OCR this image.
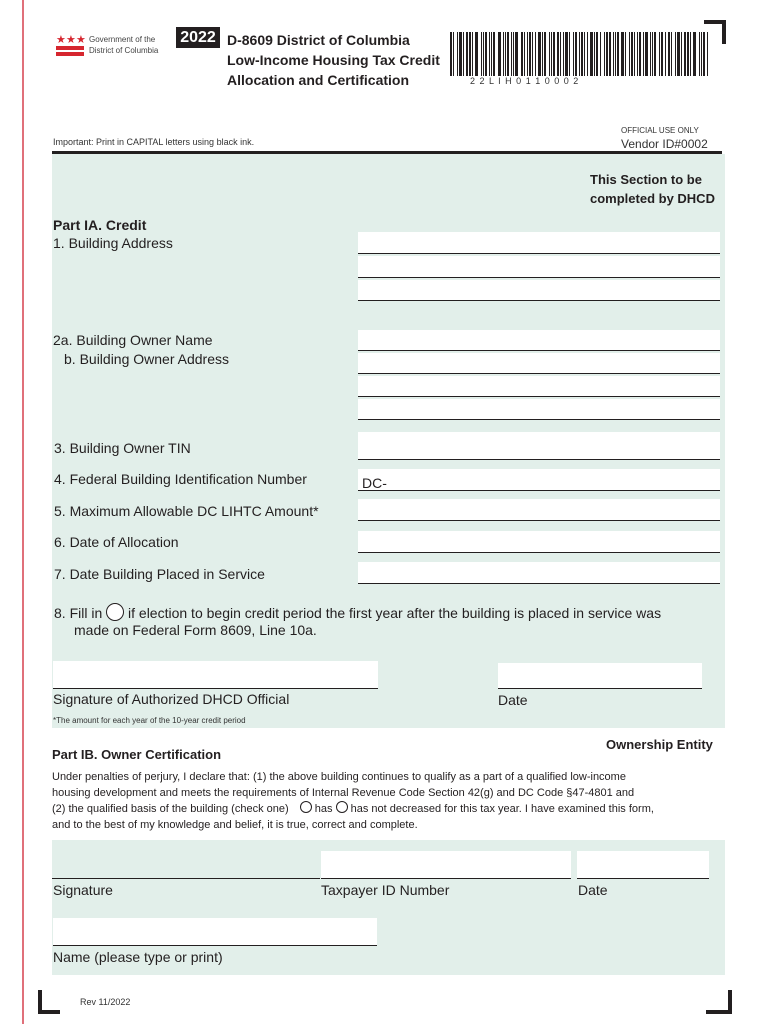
★ ★ ★ Government of the
District of Columbia
2022 D-8609 District of Columbia
Low-Income Housing Tax Credit
Allocation and Certification	2 2 L I H 0 1 1 0 0 0 2
Important: Print in CAPITAL letters using black ink.
OFFICIAL USE ONLY
Vendor ID#0002
This Section to be
completed by DHCD
Part IA. Credit
1. Building Address
2a. Building Owner Name
b. Building Owner Address
3. Building Owner TIN
4. Federal Building Identification Number	DC-
5. Maximum Allowable DC LIHTC Amount*
6. Date of Allocation
7. Date Building Placed in Service
8. Fill in if election to begin credit period the first year after the building is placed in service was
made on Federal Form 8609, Line 10a.
Signature of Authorized DHCD Official	Date
*The amount for each year of the 10-year credit period
Ownership Entity
Part IB. Owner Certification
Under penalties of perjury, I declare that: (1) the above building continues to qualify as a part of a qualified low-income
housing development and meets the requirements of Internal Revenue Code Section 42(g) and DC Code §47-4801 and
(2) the qualified basis of the building (check one) has has not decreased for this tax year. I have examined this form,
and to the best of my knowledge and belief, it is true, correct and complete.
Signature	Taxpayer ID Number	Date
Name (please type or print)
Rev 11/2022
